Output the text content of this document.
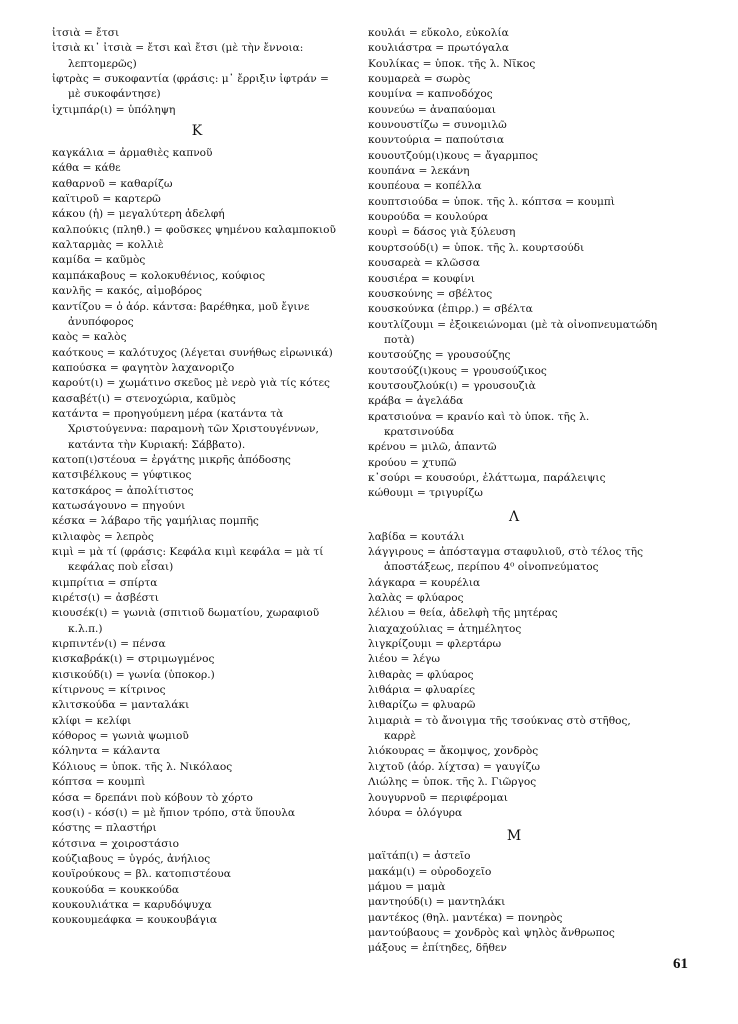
ἰτσιὰ = ἔτσι
ἰτσιὰ κι᾿ ἰτσιὰ = ἔτσι καὶ ἔτσι (μὲ τὴν ἔννοια: λεπτομερῶς)
ἰφτρὰς = συκοφαντία (φράσις: μ᾿ ἔρριξιν ἰφτράν = μὲ συκοφάντησε)
ἰχτιμπάρ(ι) = ὑπόληψη
Κ
καγκάλια = ἀρμαθιὲς καπνοῦ
κάθα = κάθε
καθαρνοῦ = καθαρίζω
καϊτιροῦ = καρτερῶ
κάκου (ἡ) = μεγαλύτερη ἀδελφή
καλπούκις (πληθ.) = φοῦσκες ψημένου καλαμποκιοῦ
καλταρμὰς = κολλιὲ
καμίδα = καῦμὸς
καμπάκαβους = κολοκυθένιος, κούφιος
κανλῆς = κακός, αἱμοβόρος
καντίζου = ὁ ἀόρ. κάντσα: βαρέθηκα, μοῦ ἔγινε ἀνυπόφορος
καὸς = καλὸς
καότκους = καλότυχος (λέγεται συνήθως εἰρωνικά)
καπούσκα = φαγητὸν λαχανοριζο
καρούτ(ι) = χωμάτινο σκεῦος μὲ νερὸ γιὰ τίς κότες
κασαβέτ(ι) = στενοχώρια, καῦμὸς
κατάντα = προηγούμενη μέρα (κατάντα τὰ Χριστούγεννα: παραμονὴ τῶν Χριστουγέννων, κατάντα τὴν Κυριακή: Σάββατο).
κατοπ(ι)στέουα = ἐργάτης μικρῆς ἀπόδοσης
κατσιβέλκους = γύφτικος
κατσκάρος = ἀπολίτιστος
κατωσάγουνο = πηγούνι
κέσκα = λάβαρο τῆς γαμήλιας πομπῆς
κιλιαφὸς = λεπρὸς
κιμὶ = μὰ τί (φράσις: Κεφάλα κιμὶ κεφάλα = μὰ τί κεφάλας ποὺ εἶσαι)
κιμπρίτια = σπίρτα
κιρέτσ(ι) = ἀσβέστι
κιουσέκ(ι) = γωνιὰ (σπιτιοῦ δωματίου, χωραφιοῦ κ.λ.π.)
κιρπιντέν(ι) = πένσα
κισκαβράκ(ι) = στριμωγμένος
κισικούδ(ι) = γωνία (ὑποκορ.)
κίτιρνους = κίτρινος
κλιτσκούδα = μανταλάκι
κλίφι = κελίφι
κόθορος = γωνιὰ ψωμιοῦ
κόληντα = κάλαντα
Κόλιους = ὑποκ. τῆς λ. Νικόλαος
κόπτσα = κουμπὶ
κόσα = δρεπάνι ποὺ κόβουν τὸ χόρτο
κοσ(ι) - κόσ(ι) = μὲ ἤπιον τρόπο, στὰ ὕπουλα
κόστης = πλαστήρι
κότσινα = χοιροστάσιο
κούζιαβους = ὑγρός, ἀνήλιος
κουϊρούκους = βλ. κατοπιστέουα
κουκούδα = κουκκούδα
κουκουλιάτκα = καρυδόψυχα
κουκουμεάφκα = κουκουβάγια
κουλάι = εὔκολο, εὐκολία
κουλιάστρα = πρωτόγαλα
Κουλίκας = ὑποκ. τῆς λ. Νῖκος
κουμαρεὰ = σωρὸς
κουμίνα = καπνοδόχος
κουνεύω = ἀναπαύομαι
κουνουστίζω = συνομιλῶ
κουντούρια = παπούτσια
κουουτζούμ(ι)κους = ἄγαρμπος
κουπάνα = λεκάνη
κουπέουα = κοπέλλα
κουπτσιούδα = ὑποκ. τῆς λ. κόπτσα = κουμπὶ
κουρούδα = κουλούρα
κουρὶ = δάσος γιὰ ξύλευση
κουρτσούδ(ι) = ὑποκ. τῆς λ. κουρτσούδι
κουσαρεὰ = κλῶσσα
κουσιέρα = κουφίνι
κουσκούνης = σβέλτος
κουσκούνκα (ἐπιρρ.) = σβέλτα
κουτλίζουμι = ἐξοικειώνομαι (μὲ τὰ οἰνοπνευματώδη ποτὰ)
κουτσούζης = γρουσούζης
κουτσούζ(ι)κους = γρουσούζικος
κουτσουζλούκ(ι) = γρουσουζιὰ
κράβα = ἀγελάδα
κρατσιούνα = κρανίο καὶ τὸ ὑποκ. τῆς λ. κρατσινούδα
κρένου = μιλῶ, ἀπαντῶ
κρούου = χτυπῶ
κ᾿σούρι = κουσούρι, ἐλάττωμα, παράλειψις
κώθουμι = τριγυρίζω
Λ
λαβίδα = κουτάλι
λάγγιρους = ἀπόσταγμα σταφυλιοῦ, στὸ τέλος τῆς ἀποστάξεως, περίπου 4⁰ οἰνοπνεύματος
λάγκαρα = κουρέλια
λαλὰς = φλύαρος
λέλιου = θεία, ἀδελφὴ τῆς μητέρας
λιαχαχούλιας = ἀτημέλητος
λιγκρίζουμι = φλερτάρω
λιέου = λέγω
λιθαρὰς = φλύαρος
λιθάρια = φλυαρίες
λιθαρίζω = φλυαρῶ
λιμαριὰ = τὸ ἄνοιγμα τῆς τσούκνας στὸ στῆθος, καρρὲ
λιόκουρας = ἄκομψος, χονδρὸς
λιχτοῦ (ἀόρ. λίχτσα) = γαυγίζω
Λιώλης = ὑποκ. τῆς λ. Γιῶργος
λουγυρνοῦ = περιφέρομαι
λόυρα = ὁλόγυρα
Μ
μαϊτάπ(ι) = ἀστεῖο
μακάμ(ι) = οὐροδοχεῖο
μάμου = μαμὰ
μαντηούδ(ι) = μαντηλάκι
μαντέκος (θηλ. μαντέκα) = πονηρὸς
μαντούβαους = χονδρὸς καὶ ψηλὸς ἄνθρωπος
μάξους = ἐπίτηδες, δῆθεν
61
